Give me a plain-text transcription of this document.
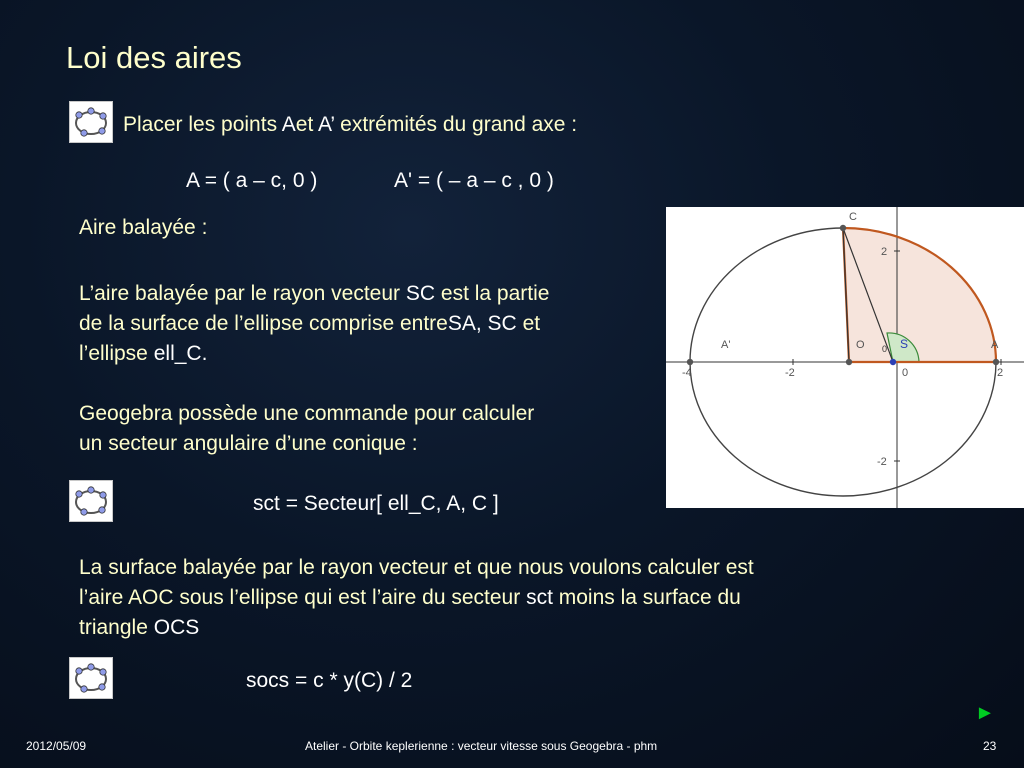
Loi des aires
Placer les points Aet A’ extrémités du grand axe :
A = ( a – c, 0 )	A' = ( – a – c , 0 )
Aire balayée :
L’aire balayée par le rayon vecteur SC est la partie
de la surface de l’ellipse comprise entreSA, SC et
l’ellipse ell_C.
Geogebra possède une commande pour calculer
un secteur angulaire d’une conique :
C
A
A'	O	S
0
-4	-2	0	2
2
-2
sct = Secteur[ ell_C, A, C ]
La surface balayée par le rayon vecteur et que nous voulons calculer est
l’aire AOC sous l’ellipse qui est l’aire du secteur sct moins la surface du
triangle OCS
socs = c * y(C) / 2
►
2012/05/09	Atelier - Orbite keplerienne : vecteur vitesse sous Geogebra - phm	23
